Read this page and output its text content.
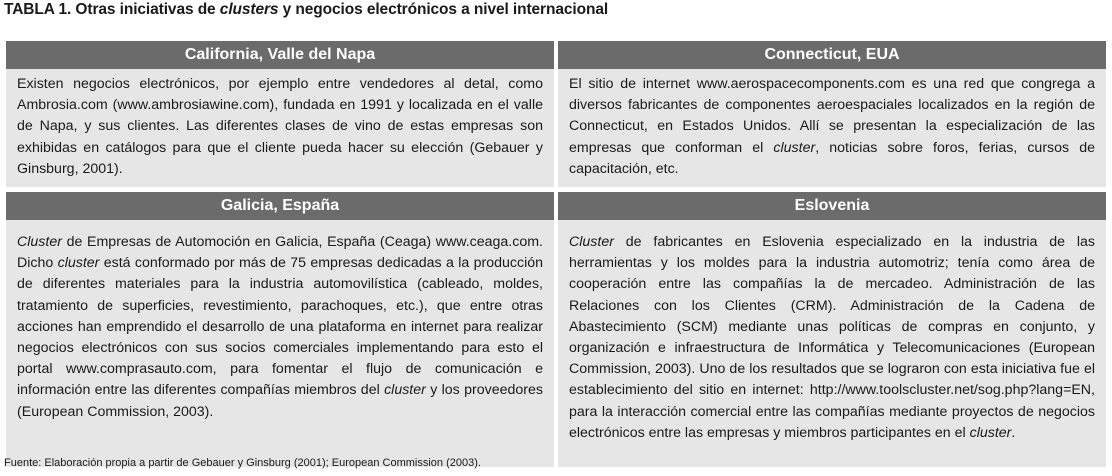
TABLA 1. Otras iniciativas de clusters y negocios electrónicos a nivel internacional
California, Valle del Napa
Existen negocios electrónicos, por ejemplo entre vendedores al detal, como Ambrosia.com (www.ambrosiawine.com), fundada en 1991 y localizada en el valle de Napa, y sus clientes. Las diferentes clases de vino de estas empresas son exhibidas en catálogos para que el cliente pueda hacer su elección (Gebauer y Ginsburg, 2001).
Connecticut, EUA
El sitio de internet www.aerospacecomponents.com es una red que congrega a diversos fabricantes de componentes aeroespaciales localizados en la región de Connecticut, en Estados Unidos. Allí se presentan la especialización de las empresas que conforman el cluster, noticias sobre foros, ferias, cursos de capacitación, etc.
Galicia, España
Cluster de Empresas de Automoción en Galicia, España (Ceaga) www.ceaga.com. Dicho cluster está conformado por más de 75 empresas dedicadas a la producción de diferentes materiales para la industria automovilística (cableado, moldes, tratamiento de superficies, revestimiento, parachoques, etc.), que entre otras acciones han emprendido el desarrollo de una plataforma en internet para realizar negocios electrónicos con sus socios comerciales implementando para esto el portal www.comprasauto.com, para fomentar el flujo de comunicación e información entre las diferentes compañías miembros del cluster y los proveedores (European Commission, 2003).
Eslovenia
Cluster de fabricantes en Eslovenia especializado en la industria de las herramientas y los moldes para la industria automotriz; tenía como área de cooperación entre las compañías la de mercadeo. Administración de las Relaciones con los Clientes (CRM). Administración de la Cadena de Abastecimiento (SCM) mediante unas políticas de compras en conjunto, y organización e infraestructura de Informática y Telecomunicaciones (European Commission, 2003). Uno de los resultados que se lograron con esta iniciativa fue el establecimiento del sitio en internet: http://www.toolscluster.net/sog.php?lang=EN, para la interacción comercial entre las compañías mediante proyectos de negocios electrónicos entre las empresas y miembros participantes en el cluster.
Fuente: Elaboración propia a partir de Gebauer y Ginsburg (2001); European Commission (2003).
